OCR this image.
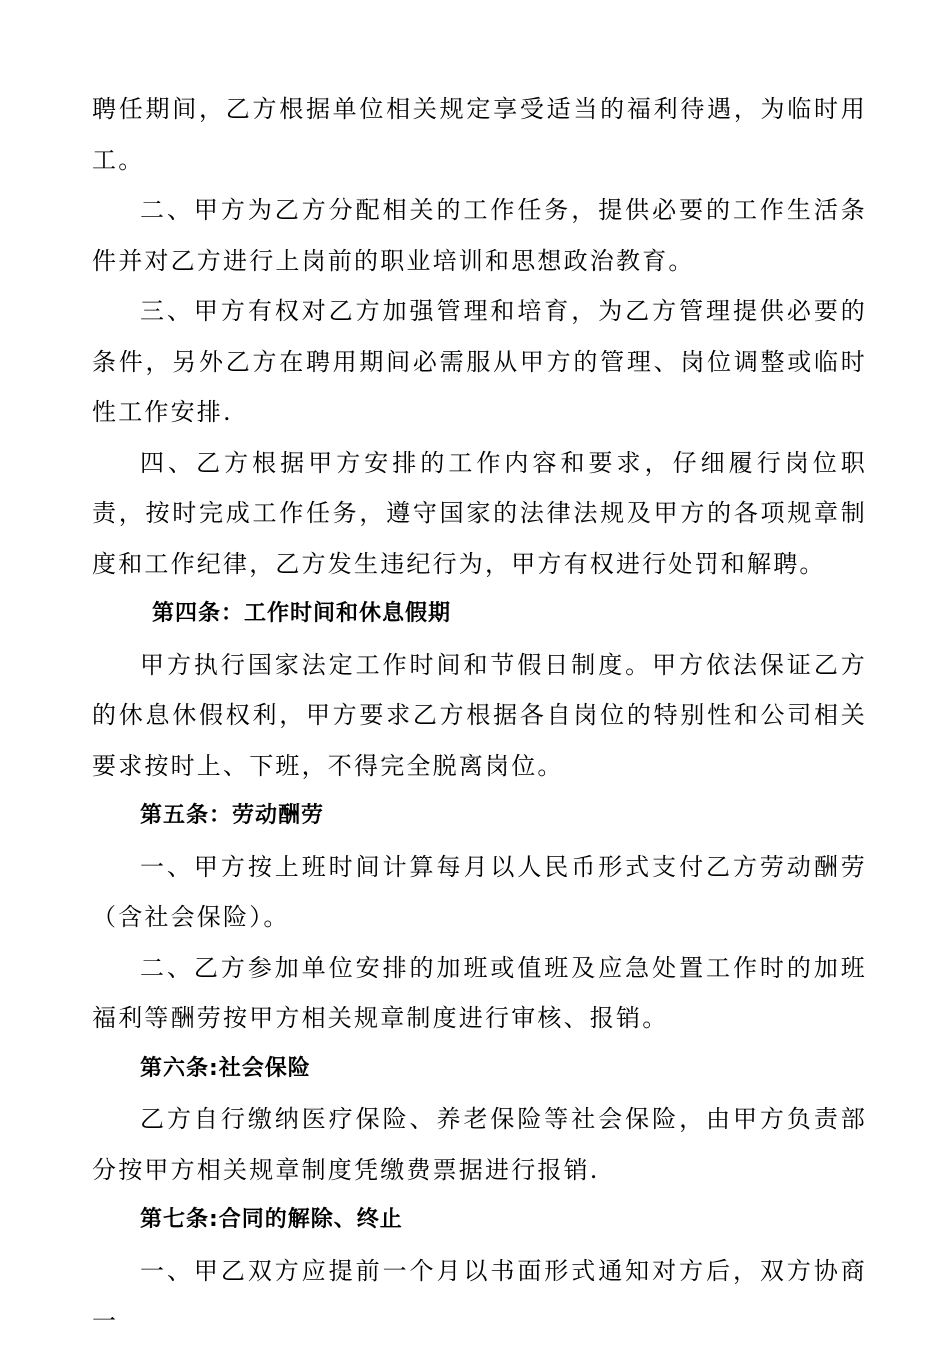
聘任期间，乙方根据单位相关规定享受适当的福利待遇，为临时用工。

二、甲方为乙方分配相关的工作任务，提供必要的工作生活条件并对乙方进行上岗前的职业培训和思想政治教育。

三、甲方有权对乙方加强管理和培育，为乙方管理提供必要的条件，另外乙方在聘用期间必需服从甲方的管理、岗位调整或临时性工作安排.

四、乙方根据甲方安排的工作内容和要求，仔细履行岗位职责，按时完成工作任务，遵守国家的法律法规及甲方的各项规章制度和工作纪律，乙方发生违纪行为，甲方有权进行处罚和解聘。

第四条：工作时间和休息假期

甲方执行国家法定工作时间和节假日制度。甲方依法保证乙方的休息休假权利，甲方要求乙方根据各自岗位的特别性和公司相关要求按时上、下班，不得完全脱离岗位。

第五条：劳动酬劳

一、甲方按上班时间计算每月以人民币形式支付乙方劳动酬劳（含社会保险）。

二、乙方参加单位安排的加班或值班及应急处置工作时的加班福利等酬劳按甲方相关规章制度进行审核、报销。

第六条:社会保险

乙方自行缴纳医疗保险、养老保险等社会保险，由甲方负责部分按甲方相关规章制度凭缴费票据进行报销.

第七条:合同的解除、终止

一、甲乙双方应提前一个月以书面形式通知对方后，双方协商一
